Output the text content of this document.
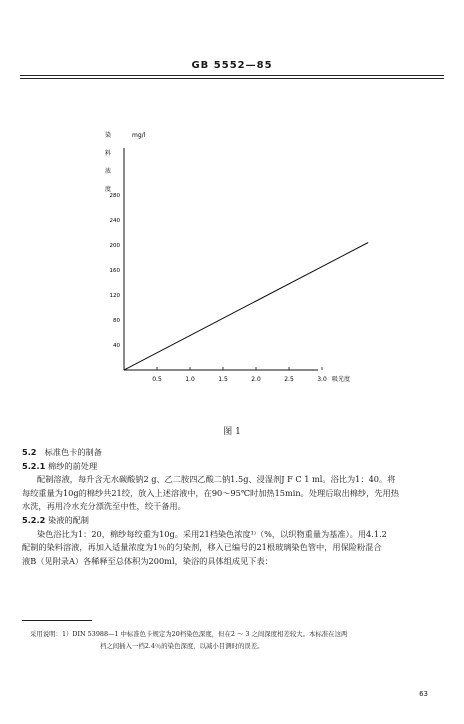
GB 5552—85
0.5	1.0	1.5	2.0	2.5	3.0
40
80
120
160
200
240
280
mg/l
染
料
浓
度
吸光度
图 1
5.2 标准色卡的制备
5.2.1 棉纱的前处理
配制溶液，每升含无水碳酸钠2 g、乙二胺四乙酸二钠1.5g、浸湿剂J F C 1 ml。浴比为1：40。将
每绞重量为10g的棉纱共21绞，放入上述溶液中，在90～95℃时加热15min。处理后取出棉纱，先用热
水洗，再用冷水充分漂洗至中性，绞干备用。
5.2.2 染液的配制
染色浴比为1：20，棉纱每绞重为10g。采用21档染色浓度¹⁾（%，以织物重量为基准）。用4.1.2
配制的染料溶液，再加入适量浓度为1％的匀染剂，移入已编号的21根玻璃染色管中，用保险粉混合
液B（见附录A）各稀释至总体积为200ml，染浴的具体组成见下表：
采用说明：1）DIN 53988—1 中标准色卡规定为20档染色深度，但在2 ～ 3 之间深度相差较大。本标准在这两
档之间插入一档2.4％的染色深度，以减小目测时的误差。
63
